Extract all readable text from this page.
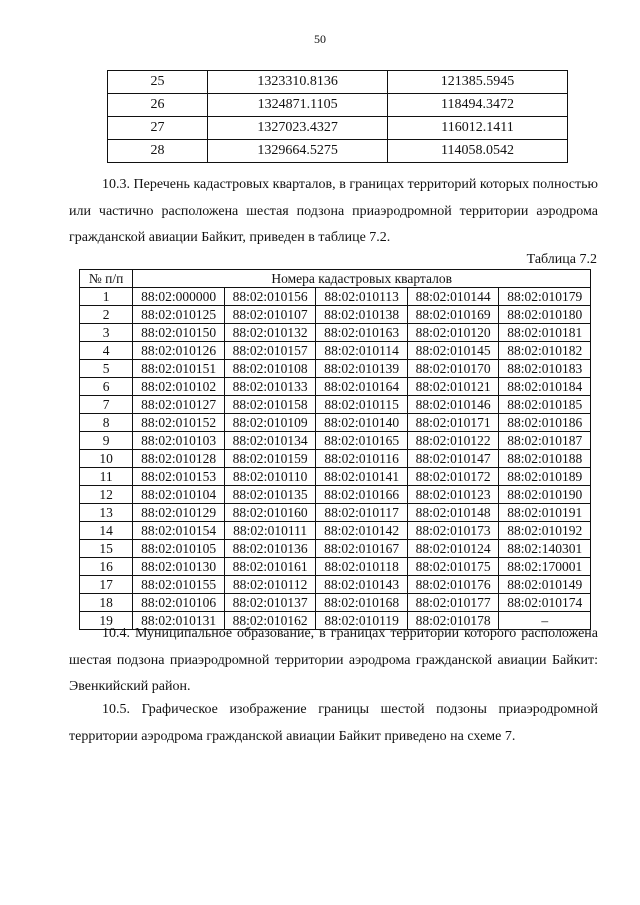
50
25	1323310.8136	121385.5945
26	1324871.1105	118494.3472
27	1327023.4327	116012.1411
28	1329664.5275	114058.0542

10.3. Перечень кадастровых кварталов, в границах территорий которых полностью или частично расположена шестая подзона приаэродромной территории аэродрома гражданской авиации Байкит, приведен в таблице 7.2.

Таблица 7.2
№ п/п	Номера кадастровых кварталов				
1	88:02:000000	88:02:010156	88:02:010113	88:02:010144	88:02:010179
2	88:02:010125	88:02:010107	88:02:010138	88:02:010169	88:02:010180
3	88:02:010150	88:02:010132	88:02:010163	88:02:010120	88:02:010181
4	88:02:010126	88:02:010157	88:02:010114	88:02:010145	88:02:010182
5	88:02:010151	88:02:010108	88:02:010139	88:02:010170	88:02:010183
6	88:02:010102	88:02:010133	88:02:010164	88:02:010121	88:02:010184
7	88:02:010127	88:02:010158	88:02:010115	88:02:010146	88:02:010185
8	88:02:010152	88:02:010109	88:02:010140	88:02:010171	88:02:010186
9	88:02:010103	88:02:010134	88:02:010165	88:02:010122	88:02:010187
10	88:02:010128	88:02:010159	88:02:010116	88:02:010147	88:02:010188
11	88:02:010153	88:02:010110	88:02:010141	88:02:010172	88:02:010189
12	88:02:010104	88:02:010135	88:02:010166	88:02:010123	88:02:010190
13	88:02:010129	88:02:010160	88:02:010117	88:02:010148	88:02:010191
14	88:02:010154	88:02:010111	88:02:010142	88:02:010173	88:02:010192
15	88:02:010105	88:02:010136	88:02:010167	88:02:010124	88:02:140301
16	88:02:010130	88:02:010161	88:02:010118	88:02:010175	88:02:170001
17	88:02:010155	88:02:010112	88:02:010143	88:02:010176	88:02:010149
18	88:02:010106	88:02:010137	88:02:010168	88:02:010177	88:02:010174
19	88:02:010131	88:02:010162	88:02:010119	88:02:010178	–

10.4. Муниципальное образование, в границах территории которого расположена шестая подзона приаэродромной территории аэродрома гражданской авиации Байкит: Эвенкийский район.

10.5. Графическое изображение границы шестой подзоны приаэродромной территории аэродрома гражданской авиации Байкит приведено на схеме 7.
